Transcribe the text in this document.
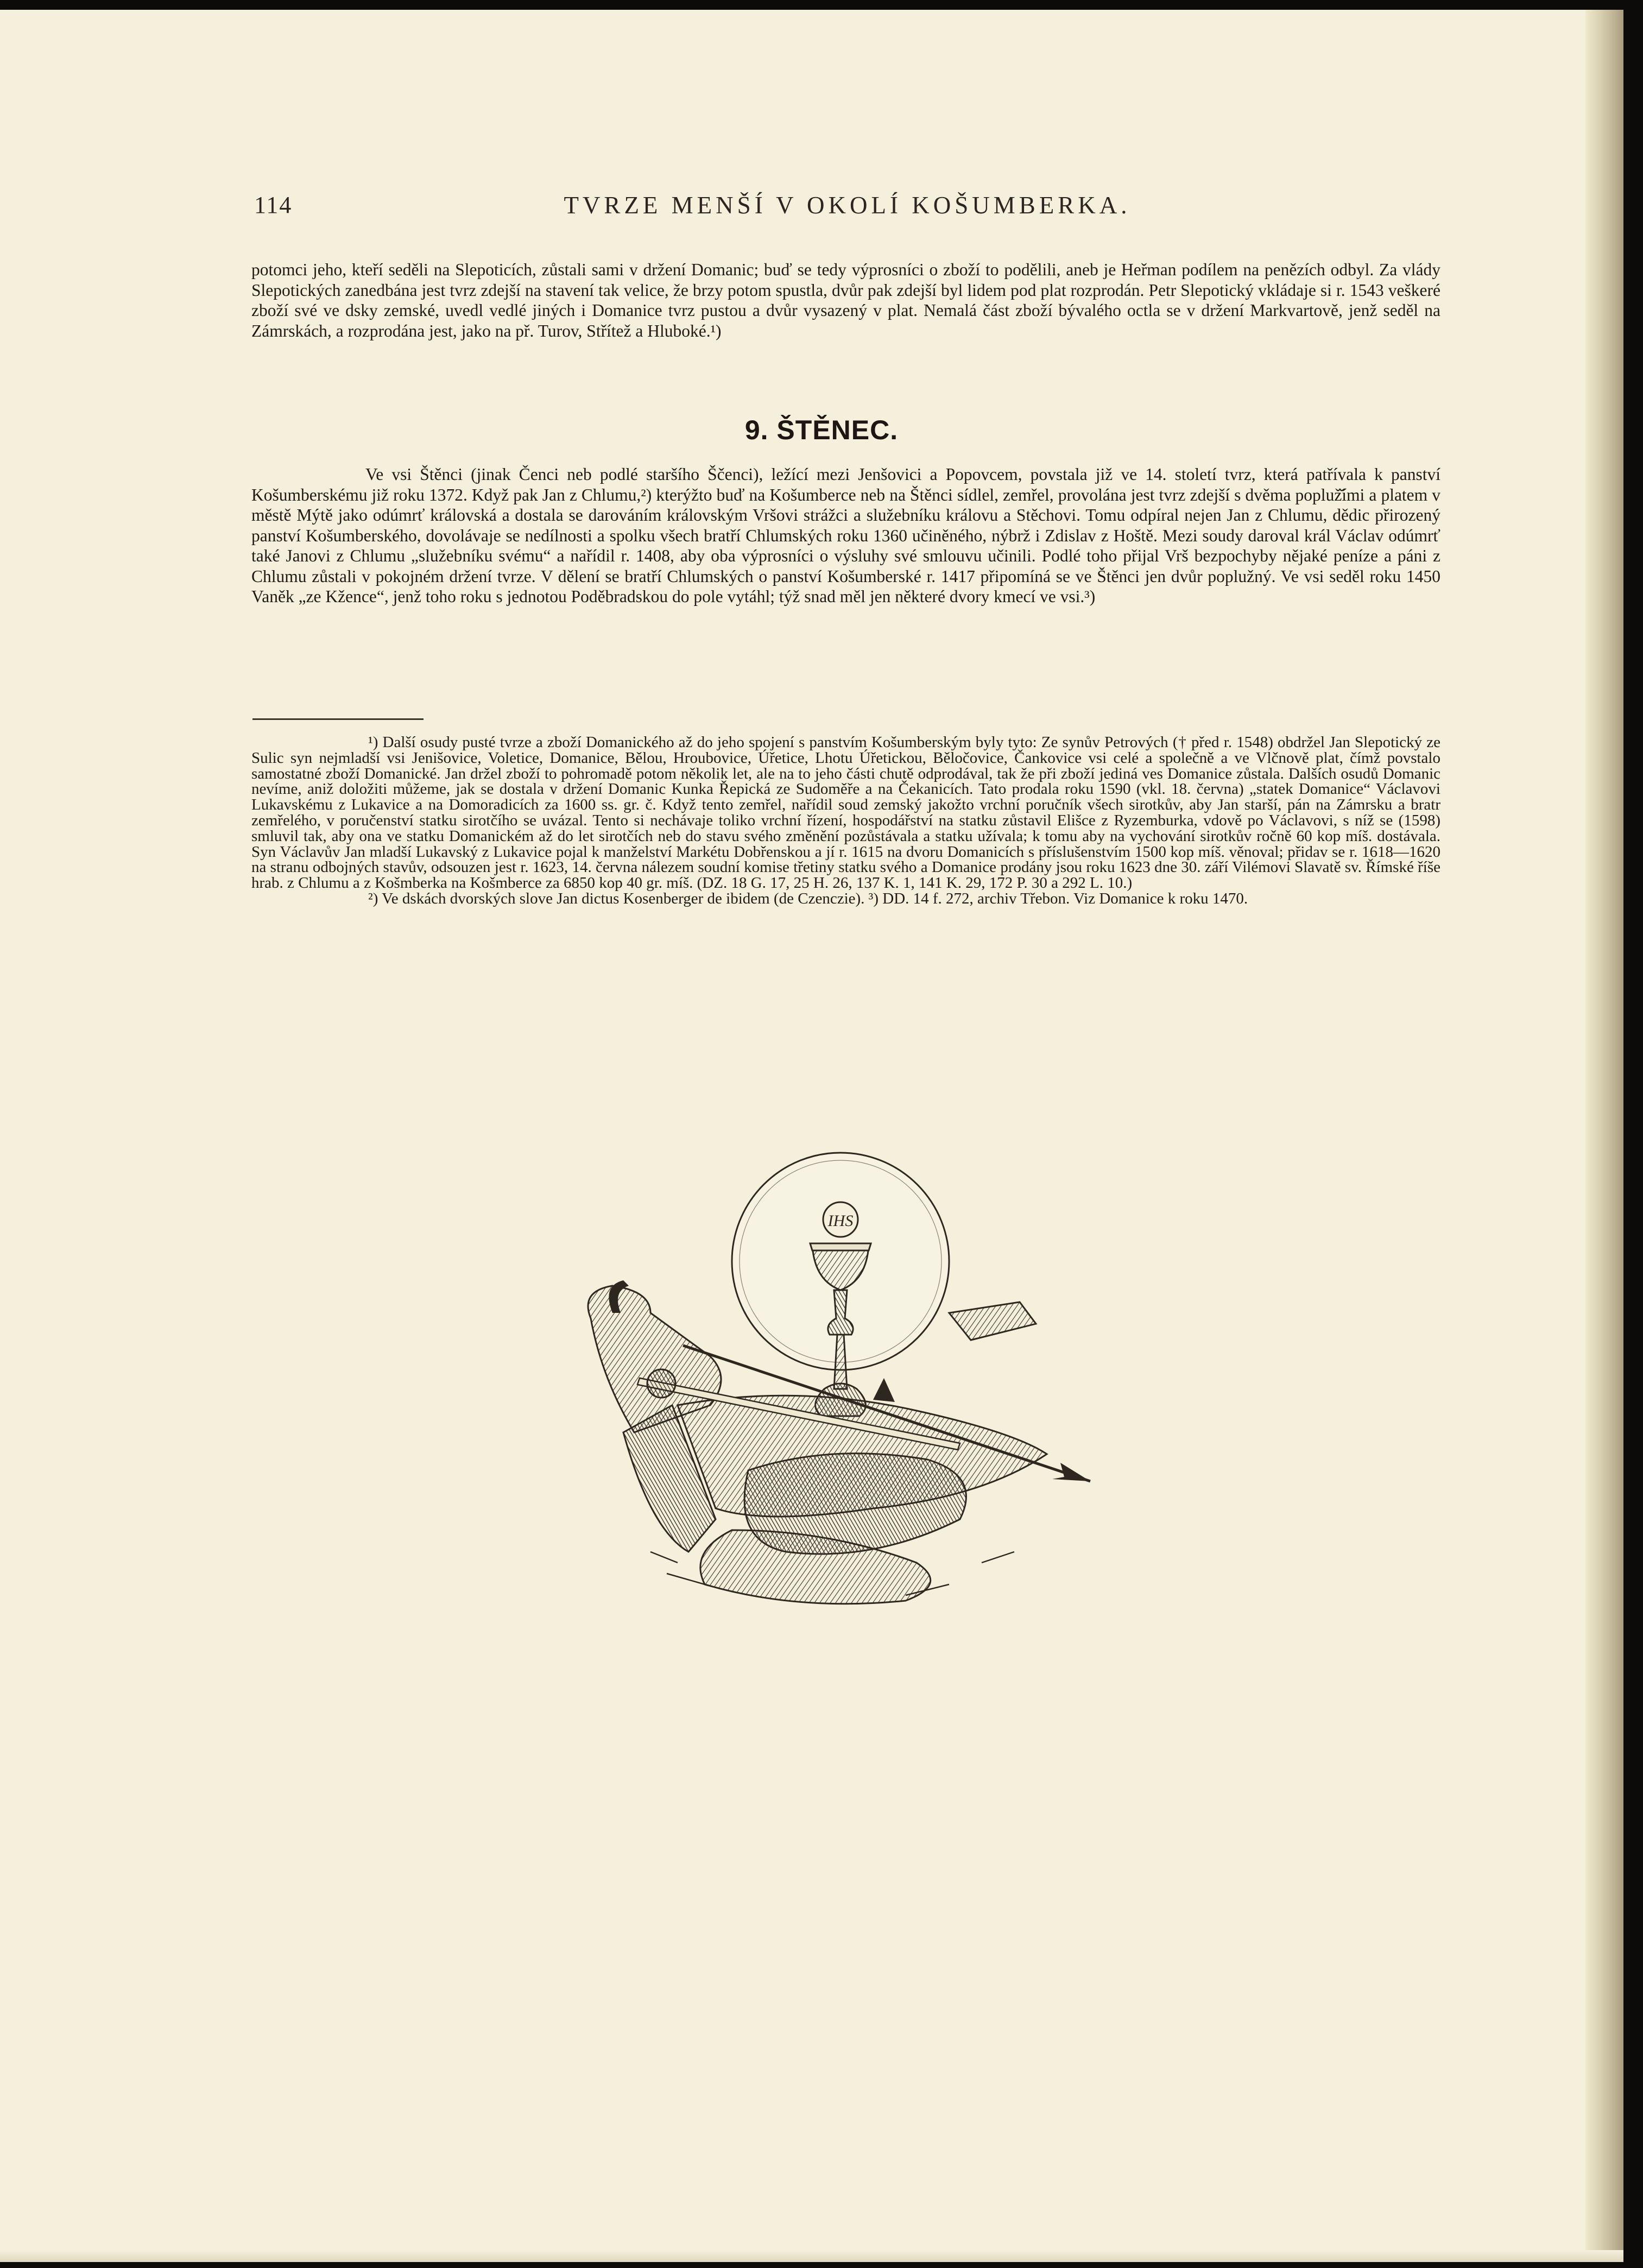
114	TVRZE MENŠÍ V OKOLÍ KOŠUMBERKA.

potomci jeho, kteří seděli na Slepoticích, zůstali sami v držení Domanic; buď se tedy výprosníci o zboží to podělili, aneb je Heřman podílem na penězích odbyl. Za vlády Slepotických zanedbána jest tvrz zdejší na stavení tak velice, že brzy potom spustla, dvůr pak zdejší byl lidem pod plat rozprodán. Petr Slepotický vkládaje si r. 1543 veškeré zboží své ve dsky zemské, uvedl vedlé jiných i Domanice tvrz pustou a dvůr vysazený v plat. Nemalá část zboží bývalého octla se v držení Markvartově, jenž seděl na Zámrskách, a rozprodána jest, jako na př. Turov, Střítež a Hluboké.¹)

9. ŠTĚNEC.

Ve vsi Štěnci (jinak Čenci neb podlé staršího Ščenci), ležící mezi Jenšovici a Popovcem, povstala již ve 14. století tvrz, která patřívala k panství Košumberskému již roku 1372. Když pak Jan z Chlumu,²) kterýžto buď na Košumberce neb na Štěnci sídlel, zemřel, provolána jest tvrz zdejší s dvěma popluž̌ími a platem v městě Mýtě jako odúmrť královská a dostala se darováním královským Vršovi strážci a služebníku královu a Stěchovi. Tomu odpíral nejen Jan z Chlumu, dědic přirozený panství Košumberského, dovolávaje se nedílnosti a spolku všech bratří Chlumských roku 1360 učiněného, nýbrž i Zdislav z Hoště. Mezi soudy daroval král Václav odúmrť také Janovi z Chlumu „služebníku svému“ a nařídil r. 1408, aby oba výprosníci o výsluhy své smlouvu učinili. Podlé toho přijal Vrš bezpochyby nějaké peníze a páni z Chlumu zůstali v pokojném držení tvrze. V dělení se bratří Chlumských o panství Košumberské r. 1417 připomíná se ve Štěnci jen dvůr poplužný. Ve vsi seděl roku 1450 Vaněk „ze Kžence“, jenž toho roku s jednotou Poděbradskou do pole vytáhl; týž snad měl jen některé dvory kmecí ve vsi.³)

¹) Další osudy pusté tvrze a zboží Domanického až do jeho spojení s panstvím Košumberským byly tyto: Ze synův Petrových († před r. 1548) obdržel Jan Slepotický ze Sulic syn nejmladší vsi Jenišovice, Voletice, Domanice, Bělou, Hroubovice, Úřetice, Lhotu Úřetickou, Běločovice, Čankovice vsi celé a společně a ve Vlčnově plat, čímž povstalo samostatné zboží Domanické. Jan držel zboží to pohromadě potom několik let, ale na to jeho části chutě odprodával, tak že při zboží jediná ves Domanice zůstala. Dalších osudů Domanic nevíme, aniž doložiti můžeme, jak se dostala v držení Domanic Kunka Řepická ze Sudoměře a na Čekanicích. Tato prodala roku 1590 (vkl. 18. června) „statek Domanice“ Václavovi Lukavskému z Lukavice a na Domoradicích za 1600 ss. gr. č. Když tento zemřel, nařídil soud zemský jakožto vrchní poručník všech sirotkův, aby Jan starší, pán na Zámrsku a bratr zemřelého, v poručenství statku sirotčího se uvázal. Tento si nechávaje toliko vrchní řízení, hospodářství na statku zůstavil Elišce z Ryzemburka, vdově po Václavovi, s níž se (1598) smluvil tak, aby ona ve statku Domanickém až do let sirotčích neb do stavu svého změnění pozůstávala a statku užívala; k tomu aby na vychování sirotkův ročně 60 kop míš. dostávala. Syn Václavův Jan mladší Lukavský z Lukavice pojal k manželství Markétu Dobřenskou a jí r. 1615 na dvoru Domanicích s příslušenstvím 1500 kop míš. věnoval; přidav se r. 1618—1620 na stranu odbojných stavův, odsouzen jest r. 1623, 14. června nálezem soudní komise třetiny statku svého a Domanice prodány jsou roku 1623 dne 30. září Vilémovi Slavatě sv. Římské říše hrab. z Chlumu a z Košmberka na Košmberce za 6850 kop 40 gr. míš. (DZ. 18 G. 17, 25 H. 26, 137 K. 1, 141 K. 29, 172 P. 30 a 292 L. 10.)

²) Ve dskách dvorských slove Jan dictus Kosenberger de ibidem (de Czenczie). ³) DD. 14 f. 272, archiv Třebon. Viz Domanice k roku 1470.

IHS
